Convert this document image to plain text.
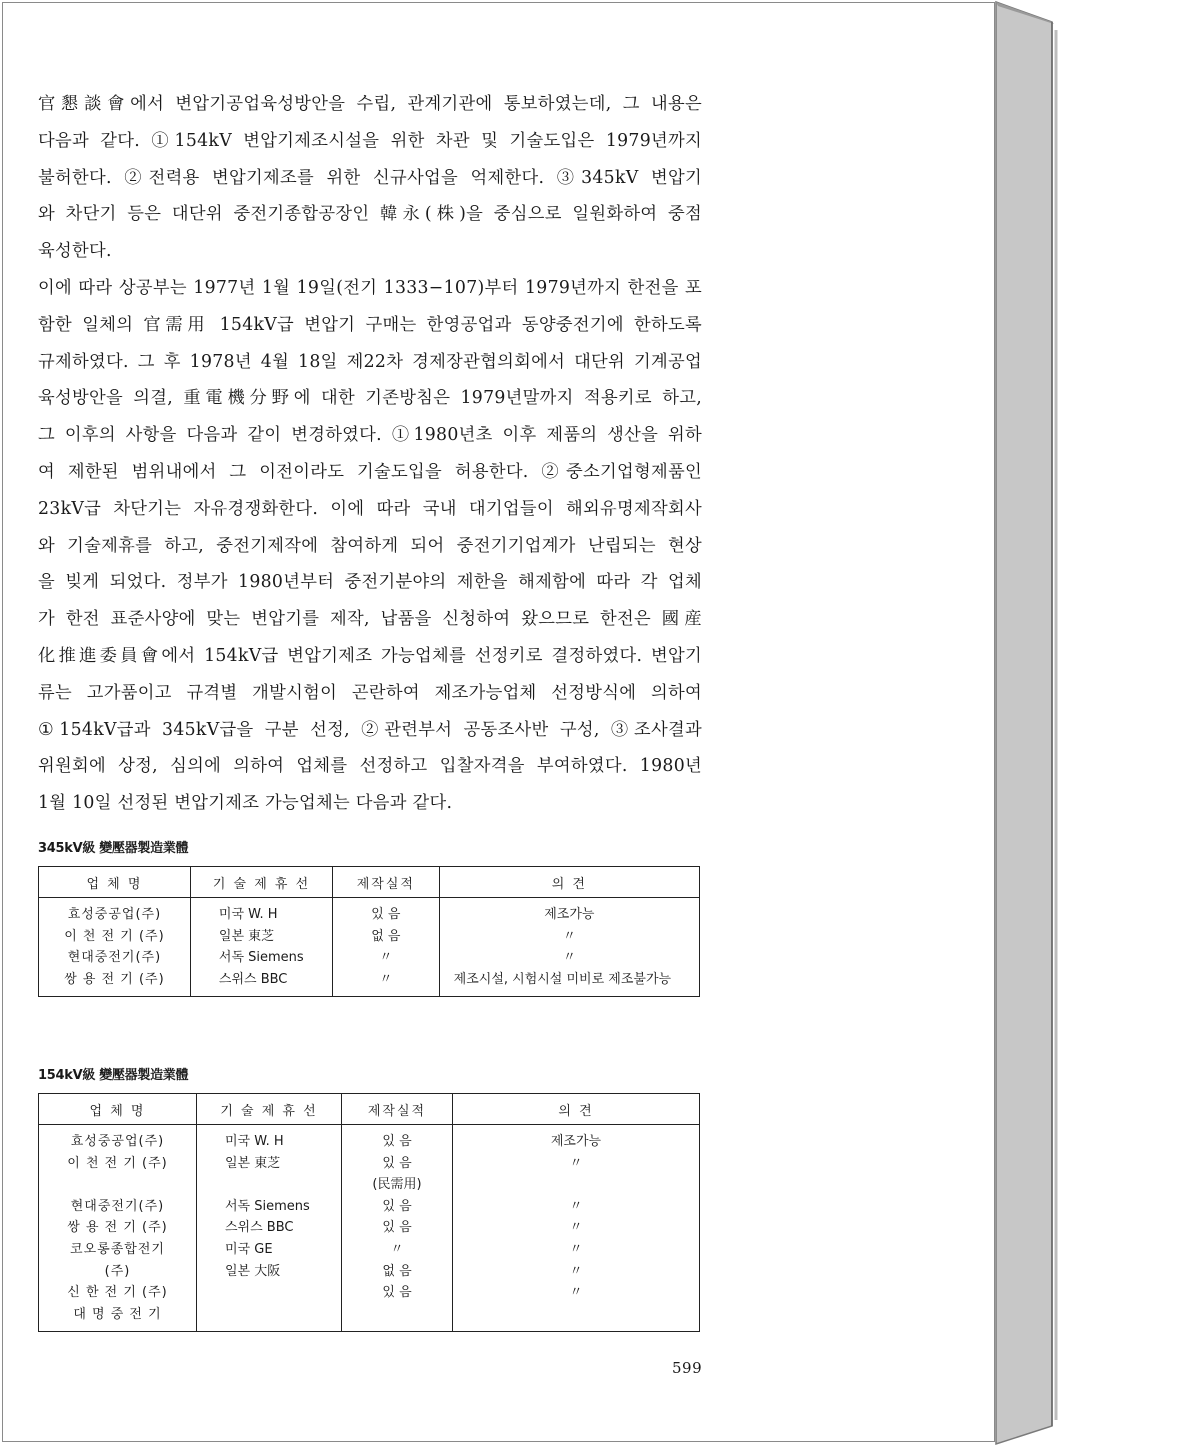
官懇談會에서 변압기공업육성방안을 수립, 관계기관에 통보하였는데, 그 내용은
다음과 같다. ①154kV 변압기제조시설을 위한 차관 및 기술도입은 1979년까지
불허한다. ②전력용 변압기제조를 위한 신규사업을 억제한다. ③345kV 변압기
와 차단기 등은 대단위 중전기종합공장인 韓永(株)을 중심으로 일원화하여 중점
육성한다.
이에 따라 상공부는 1977년 1월 19일(전기 1333−107)부터 1979년까지 한전을 포
함한 일체의 官需用 154kV급 변압기 구매는 한영공업과 동양중전기에 한하도록
규제하였다. 그 후 1978년 4월 18일 제22차 경제장관협의회에서 대단위 기계공업
육성방안을 의결, 重電機分野에 대한 기존방침은 1979년말까지 적용키로 하고,
그 이후의 사항을 다음과 같이 변경하였다. ①1980년초 이후 제품의 생산을 위하
여 제한된 범위내에서 그 이전이라도 기술도입을 허용한다. ②중소기업형제품인
23kV급 차단기는 자유경쟁화한다. 이에 따라 국내 대기업들이 해외유명제작회사
와 기술제휴를 하고, 중전기제작에 참여하게 되어 중전기기업계가 난립되는 현상
을 빚게 되었다. 정부가 1980년부터 중전기분야의 제한을 해제함에 따라 각 업체
가 한전 표준사양에 맞는 변압기를 제작, 납품을 신청하여 왔으므로 한전은 國産
化推進委員會에서 154kV급 변압기제조 가능업체를 선정키로 결정하였다. 변압기
류는 고가품이고 규격별 개발시험이 곤란하여 제조가능업체 선정방식에 의하여
①154kV급과 345kV급을 구분 선정, ②관련부서 공동조사반 구성, ③조사결과
위원회에 상정, 심의에 의하여 업체를 선정하고 입찰자격을 부여하였다. 1980년
1월 10일 선정된 변압기제조 가능업체는 다음과 같다.
345kV級 變壓器製造業體
업 체 명	기 술 제 휴 선	제작실적	의 견
효성중공업(주)	미국 W. H	있 음	제조가능
이 천 전 기 (주)	일본 東芝	없 음	〃
현대중전기(주)	서독 Siemens	〃	〃
쌍 용 전 기 (주)	스위스 BBC	〃	제조시설, 시험시설 미비로 제조불가능
154kV級 變壓器製造業體
업 체 명	기 술 제 휴 선	제작실적	의 견
효성중공업(주)	미국 W. H	있 음	제조가능
이 천 전 기 (주)	일본 東芝	있 음	〃
		(民需用)	
현대중전기(주)	서독 Siemens	있 음	〃
쌍 용 전 기 (주)	스위스 BBC	있 음	〃
코오롱종합전기	미국 GE	〃	〃
(주)	일본 大阪	없 음	〃
신 한 전 기 (주)		있 음	〃
대 명 중 전 기			
599
